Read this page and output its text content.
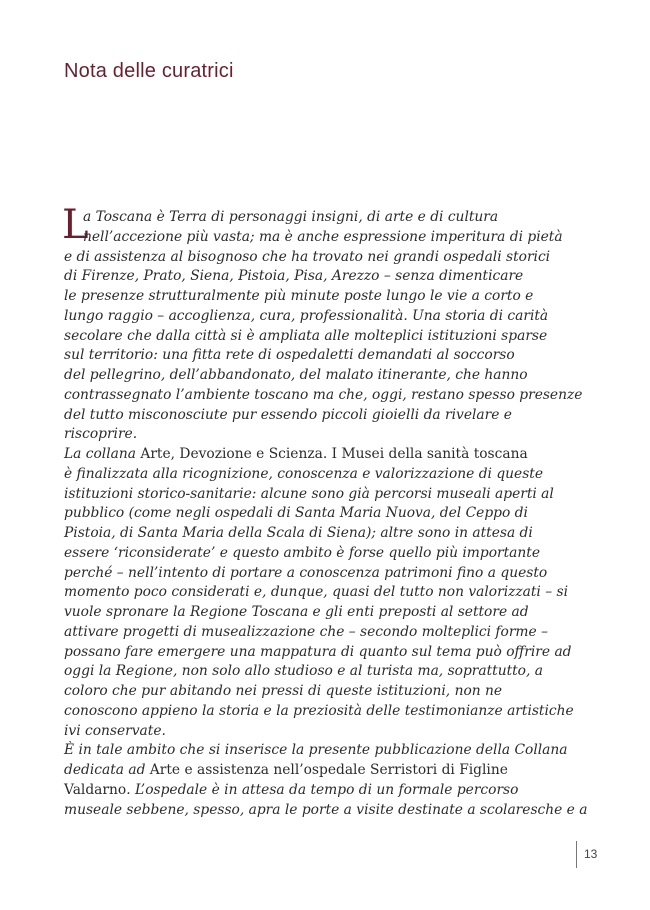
Nota delle curatrici
L
a Toscana è Terra di personaggi insigni, di arte e di cultura
nell’accezione più vasta; ma è anche espressione imperitura di pietà
e di assistenza al bisognoso che ha trovato nei grandi ospedali storici
di Firenze, Prato, Siena, Pistoia, Pisa, Arezzo – senza dimenticare
le presenze strutturalmente più minute poste lungo le vie a corto e
lungo raggio – accoglienza, cura, professionalità. Una storia di carità
secolare che dalla città si è ampliata alle molteplici istituzioni sparse
sul territorio: una fitta rete di ospedaletti demandati al soccorso
del pellegrino, dell’abbandonato, del malato itinerante, che hanno
contrassegnato l’ambiente toscano ma che, oggi, restano spesso presenze
del tutto misconosciute pur essendo piccoli gioielli da rivelare e
riscoprire.
La collana Arte, Devozione e Scienza. I Musei della sanità toscana
è finalizzata alla ricognizione, conoscenza e valorizzazione di queste
istituzioni storico-sanitarie: alcune sono già percorsi museali aperti al
pubblico (come negli ospedali di Santa Maria Nuova, del Ceppo di
Pistoia, di Santa Maria della Scala di Siena); altre sono in attesa di
essere ‘riconsiderate’ e questo ambito è forse quello più importante
perché – nell’intento di portare a conoscenza patrimoni fino a questo
momento poco considerati e, dunque, quasi del tutto non valorizzati – si
vuole spronare la Regione Toscana e gli enti preposti al settore ad
attivare progetti di musealizzazione che – secondo molteplici forme –
possano fare emergere una mappatura di quanto sul tema può offrire ad
oggi la Regione, non solo allo studioso e al turista ma, soprattutto, a
coloro che pur abitando nei pressi di queste istituzioni, non ne
conoscono appieno la storia e la preziosità delle testimonianze artistiche
ivi conservate.
È in tale ambito che si inserisce la presente pubblicazione della Collana
dedicata ad Arte e assistenza nell’ospedale Serristori di Figline
Valdarno. L’ospedale è in attesa da tempo di un formale percorso
museale sebbene, spesso, apra le porte a visite destinate a scolaresche e a
13
